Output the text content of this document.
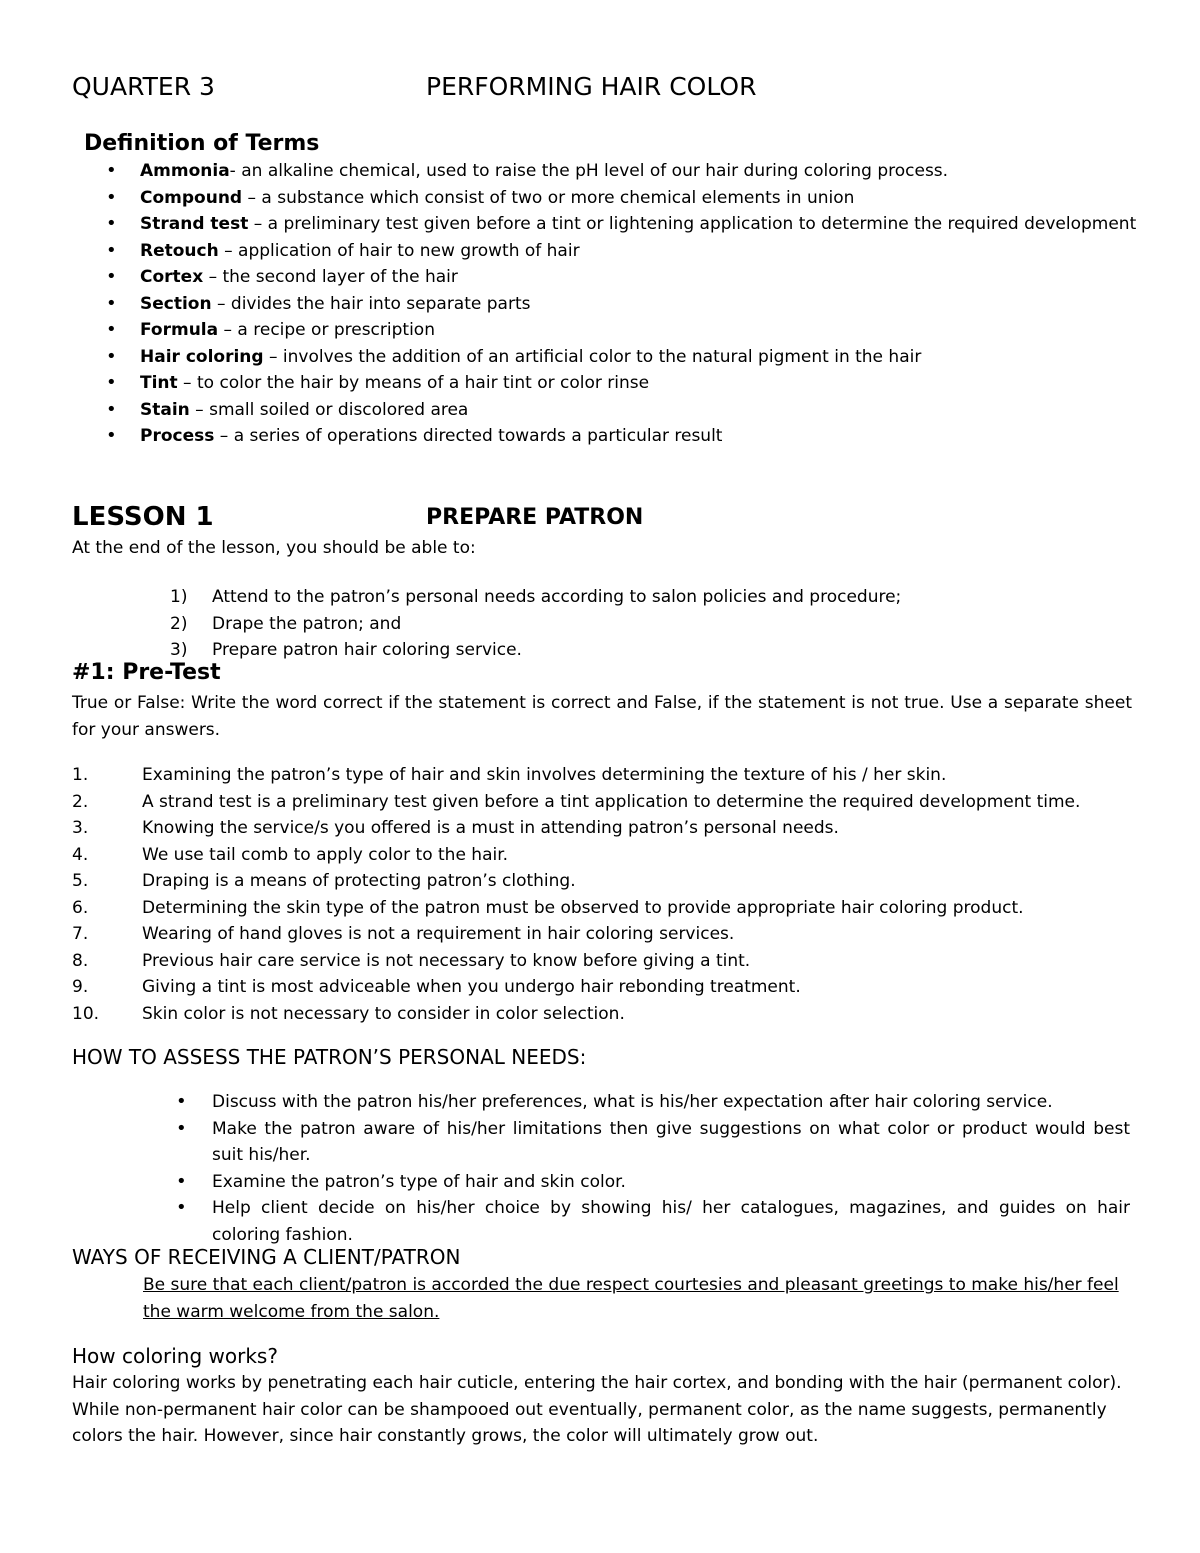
QUARTER 3	PERFORMING HAIR COLOR
Definition of Terms
• Ammonia- an alkaline chemical, used to raise the pH level of our hair during coloring process.
• Compound – a substance which consist of two or more chemical elements in union
• Strand test – a preliminary test given before a tint or lightening application to determine the required development
• Retouch – application of hair to new growth of hair
• Cortex – the second layer of the hair
• Section – divides the hair into separate parts
• Formula – a recipe or prescription
• Hair coloring – involves the addition of an artificial color to the natural pigment in the hair
• Tint – to color the hair by means of a hair tint or color rinse
• Stain – small soiled or discolored area
• Process – a series of operations directed towards a particular result
LESSON 1	PREPARE PATRON
At the end of the lesson, you should be able to:
1) Attend to the patron’s personal needs according to salon policies and procedure;
2) Drape the patron; and
3) Prepare patron hair coloring service.
#1: Pre-Test
True or False: Write the word correct if the statement is correct and False, if the statement is not true. Use a separate sheet for your answers.
1.	Examining the patron’s type of hair and skin involves determining the texture of his / her skin.
2.	A strand test is a preliminary test given before a tint application to determine the required development time.
3.	Knowing the service/s you offered is a must in attending patron’s personal needs.
4.	We use tail comb to apply color to the hair.
5.	Draping is a means of protecting patron’s clothing.
6.	Determining the skin type of the patron must be observed to provide appropriate hair coloring product.
7.	Wearing of hand gloves is not a requirement in hair coloring services.
8.	Previous hair care service is not necessary to know before giving a tint.
9.	Giving a tint is most adviceable when you undergo hair rebonding treatment.
10.	Skin color is not necessary to consider in color selection.
HOW TO ASSESS THE PATRON’S PERSONAL NEEDS:
• Discuss with the patron his/her preferences, what is his/her expectation after hair coloring service.
• Make the patron aware of his/her limitations then give suggestions on what color or product would best suit his/her.
• Examine the patron’s type of hair and skin color.
• Help client decide on his/her choice by showing his/ her catalogues, magazines, and guides on hair coloring fashion.
WAYS OF RECEIVING A CLIENT/PATRON
Be sure that each client/patron is accorded the due respect courtesies and pleasant greetings to make his/her feel the warm welcome from the salon.
How coloring works?
Hair coloring works by penetrating each hair cuticle, entering the hair cortex, and bonding with the hair (permanent color). While non-permanent hair color can be shampooed out eventually, permanent color, as the name suggests, permanently colors the hair. However, since hair constantly grows, the color will ultimately grow out.
